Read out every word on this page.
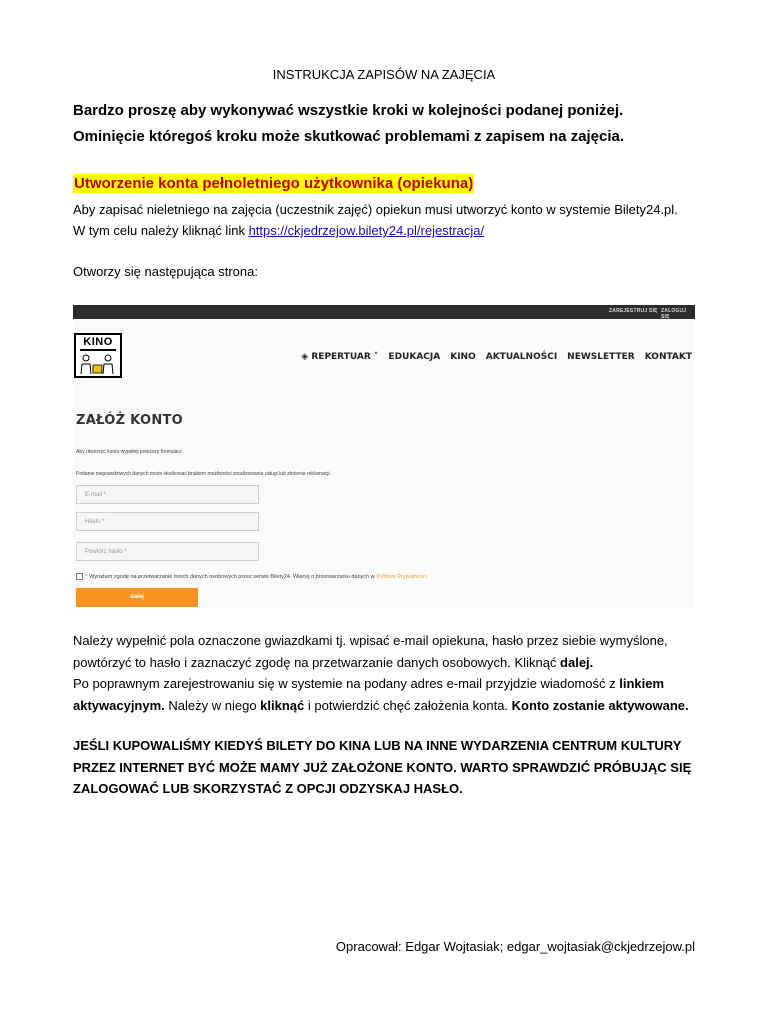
INSTRUKCJA ZAPISÓW NA ZAJĘCIA
Bardzo proszę aby wykonywać wszystkie kroki w kolejności podanej poniżej.
Ominięcie któregoś kroku może skutkować problemami z zapisem na zajęcia.
Utworzenie konta pełnoletniego użytkownika (opiekuna)
Aby zapisać nieletniego na zajęcia (uczestnik zajęć) opiekun musi utworzyć konto w systemie Bilety24.pl.
W tym celu należy kliknąć link https://ckjedrzejow.bilety24.pl/rejestracja/
Otworzy się następująca strona:
ZAREJESTRUJ SIĘ ZALOGUJ SIĘ
KINO
◈ REPERTUAR ˅ EDUKACJA KINO AKTUALNOŚCI NEWSLETTER KONTAKT
ZAŁÓŻ KONTO
Aby utworzyć konto wypełnij poniższy formularz.
Podanie nieprawdziwych danych może skutkować brakiem możliwości zrealizowania usługi lub złożenia reklamacji.
E-mail *
Hasło *
Powtórz hasło *
* Wyrażam zgodę na przetwarzanie moich danych osobowych przez serwis Bilety24. Więcej o przetwarzaniu danych w Polityce Prywatności
dalej
Należy wypełnić pola oznaczone gwiazdkami tj. wpisać e-mail opiekuna, hasło przez siebie wymyślone,
powtórzyć to hasło i zaznaczyć zgodę na przetwarzanie danych osobowych. Kliknąć dalej.
Po poprawnym zarejestrowaniu się w systemie na podany adres e-mail przyjdzie wiadomość z linkiem
aktywacyjnym. Należy w niego kliknąć i potwierdzić chęć założenia konta. Konto zostanie aktywowane.
JEŚLI KUPOWALIŚMY KIEDYŚ BILETY DO KINA LUB NA INNE WYDARZENIA CENTRUM KULTURY
PRZEZ INTERNET BYĆ MOŻE MAMY JUŻ ZAŁOŻONE KONTO. WARTO SPRAWDZIĆ PRÓBUJĄC SIĘ
ZALOGOWAĆ LUB SKORZYSTAĆ Z OPCJI ODZYSKAJ HASŁO.
Opracował: Edgar Wojtasiak; edgar_wojtasiak@ckjedrzejow.pl
